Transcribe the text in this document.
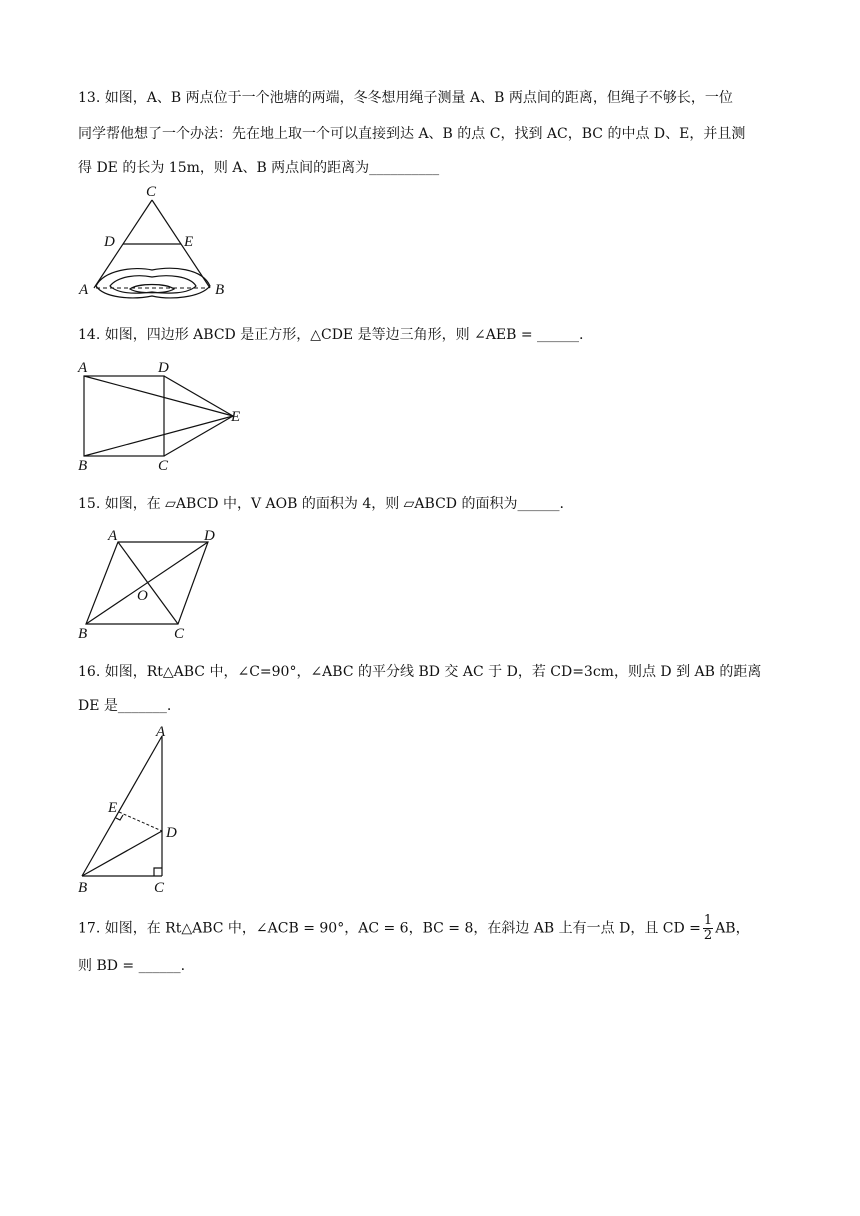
13. 如图，A、B 两点位于一个池塘的两端，冬冬想用绳子测量 A、B 两点间的距离，但绳子不够长，一位
同学帮他想了一个办法：先在地上取一个可以直接到达 A、B 的点 C，找到 AC，BC 的中点 D、E，并且测
得 DE 的长为 15m，则 A、B 两点间的距离为__________
C
D	E
A	B
14. 如图，四边形 ABCD 是正方形，△CDE 是等边三角形，则 ∠AEB = ______.
A	D
E
B	C
15. 如图，在 ▱ABCD 中，V AOB 的面积为 4，则 ▱ABCD 的面积为______.
A	D
O
B	C
16. 如图，Rt△ABC 中，∠C=90°，∠ABC 的平分线 BD 交 AC 于 D，若 CD=3cm，则点 D 到 AB 的距离
DE 是_______.
A
E
D
B	C
17. 如图，在 Rt△ABC 中，∠ACB = 90°，AC = 6，BC = 8，在斜边 AB 上有一点 D，且 CD = $\frac{1}{2}$ AB，
则 BD = ______.
